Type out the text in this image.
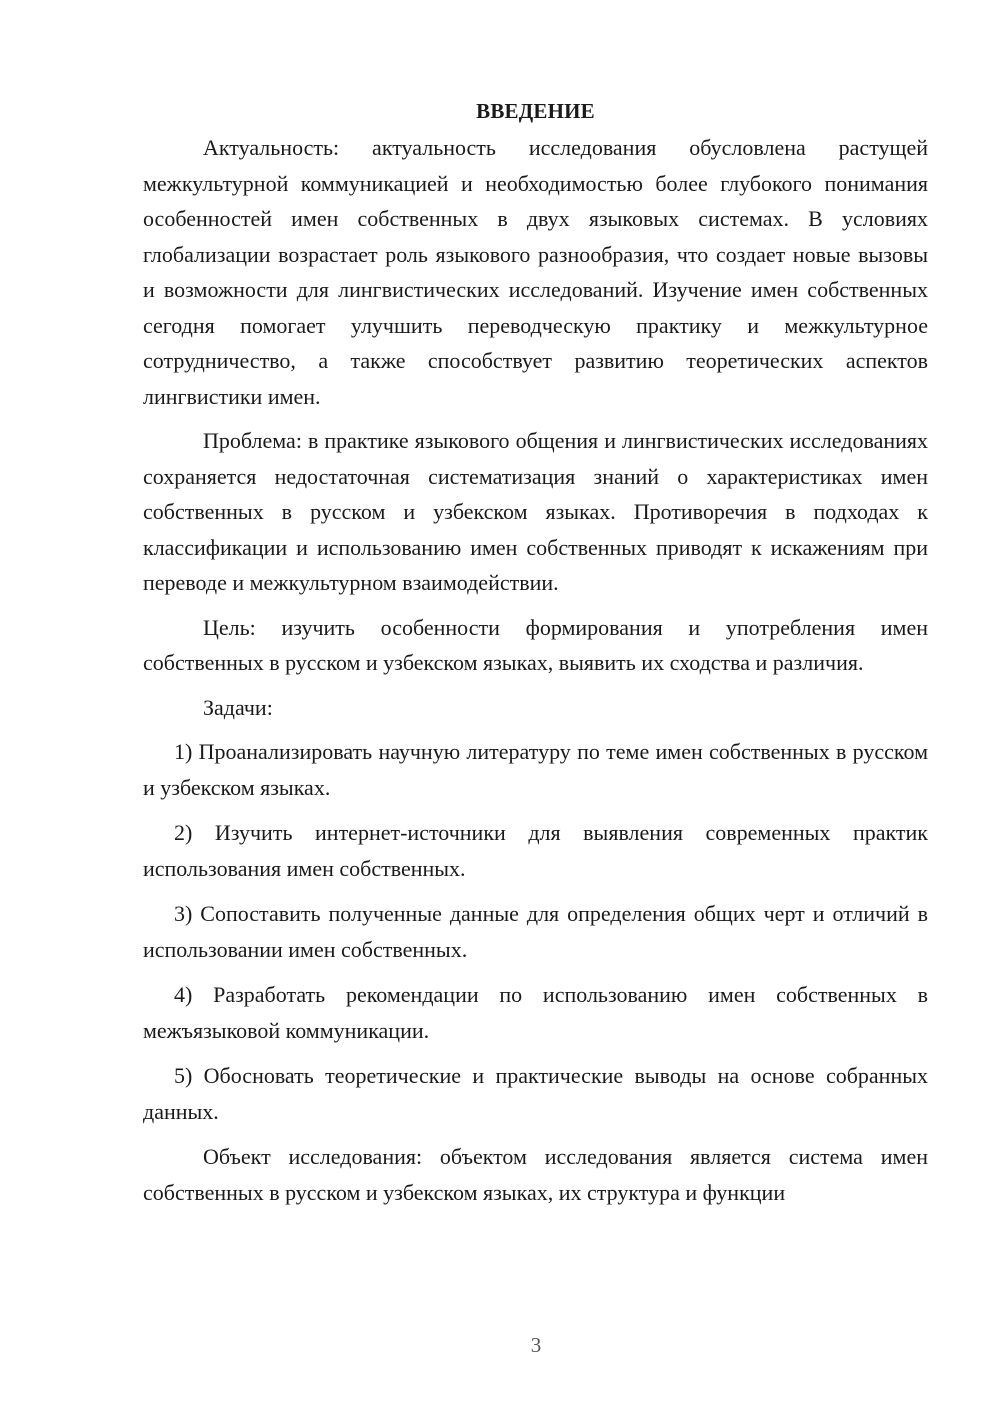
ВВЕДЕНИЕ

Актуальность: актуальность исследования обусловлена растущей межкультурной коммуникацией и необходимостью более глубокого понимания особенностей имен собственных в двух языковых системах. В условиях глобализации возрастает роль языкового разнообразия, что создает новые вызовы и возможности для лингвистических исследований. Изучение имен собственных сегодня помогает улучшить переводческую практику и межкультурное сотрудничество, а также способствует развитию теоретических аспектов лингвистики имен.

Проблема: в практике языкового общения и лингвистических исследованиях сохраняется недостаточная систематизация знаний о характеристиках имен собственных в русском и узбекском языках. Противоречия в подходах к классификации и использованию имен собственных приводят к искажениям при переводе и межкультурном взаимодействии.

Цель: изучить особенности формирования и употребления имен собственных в русском и узбекском языках, выявить их сходства и различия.

Задачи:

1) Проанализировать научную литературу по теме имен собственных в русском и узбекском языках.

2) Изучить интернет-источники для выявления современных практик использования имен собственных.

3) Сопоставить полученные данные для определения общих черт и отличий в использовании имен собственных.

4) Разработать рекомендации по использованию имен собственных в межъязыковой коммуникации.

5) Обосновать теоретические и практические выводы на основе собранных данных.

Объект исследования: объектом исследования является система имен собственных в русском и узбекском языках, их структура и функции

3
